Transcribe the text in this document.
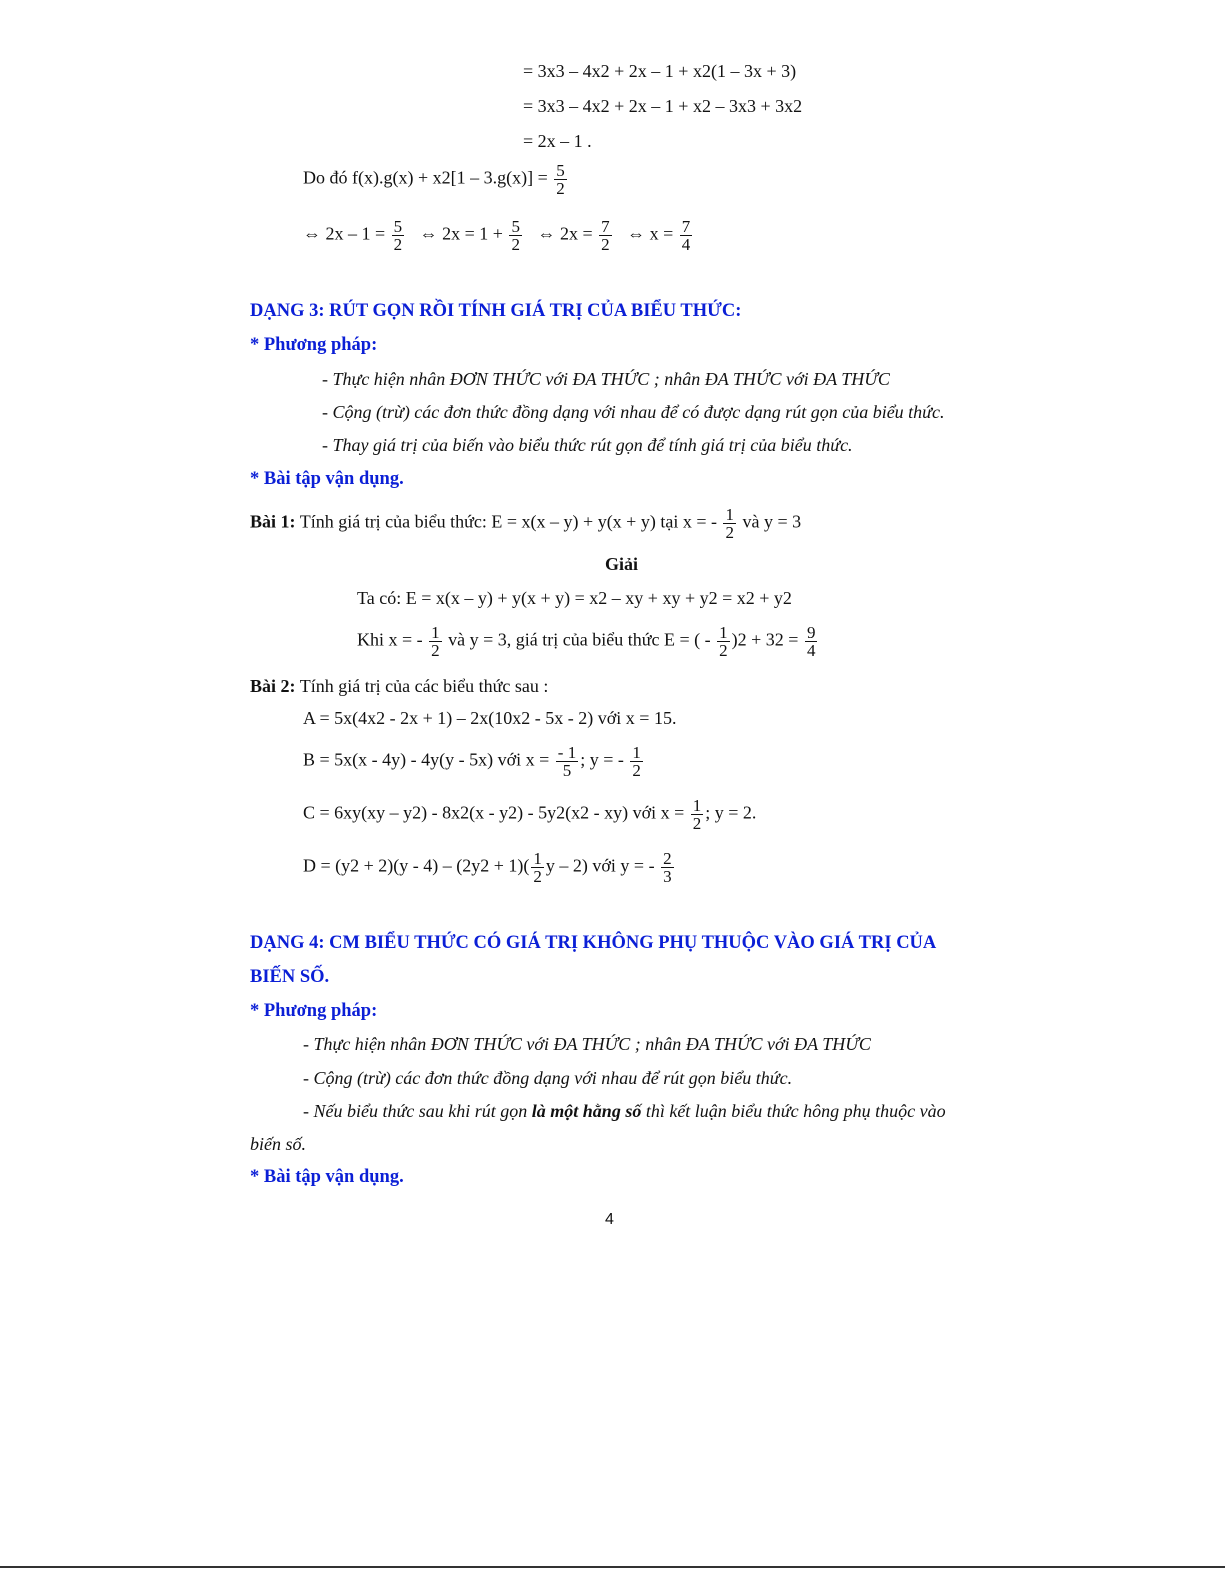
= 3x3 – 4x2 + 2x – 1 + x2(1 – 3x + 3)
= 3x3 – 4x2 + 2x – 1 + x2 – 3x3 + 3x2
= 2x – 1 .
Do đó $f(x).g(x) + x2[1 - 3.g(x)] = \frac{5}{2}$
⇔ $2x - 1 = \frac{5}{2}$ ⇔ $2x = 1 + \frac{5}{2}$ ⇔ $2x = \frac{7}{2}$ ⇔ $x = \frac{7}{4}$
DẠNG 3: RÚT GỌN RỒI TÍNH GIÁ TRỊ CỦA BIỂU THỨC:
* Phương pháp:
- Thực hiện nhân ĐƠN THỨC với ĐA THỨC ; nhân ĐA THỨC với ĐA THỨC
- Cộng (trừ) các đơn thức đồng dạng với nhau để có được dạng rút gọn của biểu thức.
- Thay giá trị của biến vào biểu thức rút gọn để tính giá trị của biểu thức.
* Bài tập vận dụng.
Bài 1: Tính giá trị của biểu thức: E = x(x – y) + y(x + y) tại x = - $\frac{1}{2}$ và y = 3
Giải
Ta có: E = x(x – y) + y(x + y) = x2 – xy + xy + y2 = x2 + y2
Khi x = - $\frac{1}{2}$ và y = 3, giá trị của biểu thức E = ( - $\frac{1}{2} )2 + 32 = \frac{9}{4}$
Bài 2: Tính giá trị của các biểu thức sau :
A = 5x(4x2 - 2x + 1) – 2x(10x2 - 5x - 2) với x = 15.
B = 5x(x - 4y) - 4y(y - 5x) với $x = \frac{- 1}{5}$ ; y = - $\frac{1}{2}$
C = 6xy(xy – y2) - 8x2(x - y2) - 5y2(x2 - xy) với $x = \frac{1}{2}$ ; y = 2.
$D = (y2 + 2)(y - 4) - (2y2 + 1)( \frac{1}{2}$ y – 2) với y = - $\frac{2}{3}$
DẠNG 4: CM BIỂU THỨC CÓ GIÁ TRỊ KHÔNG PHỤ THUỘC VÀO GIÁ TRỊ CỦA
BIẾN SỐ.
* Phương pháp:
- Thực hiện nhân ĐƠN THỨC với ĐA THỨC ; nhân ĐA THỨC với ĐA THỨC
- Cộng (trừ) các đơn thức đồng dạng với nhau để rút gọn biểu thức.
- Nếu biểu thức sau khi rút gọn là một hằng số thì kết luận biểu thức hông phụ thuộc vào
biến số.
* Bài tập vận dụng.
4
